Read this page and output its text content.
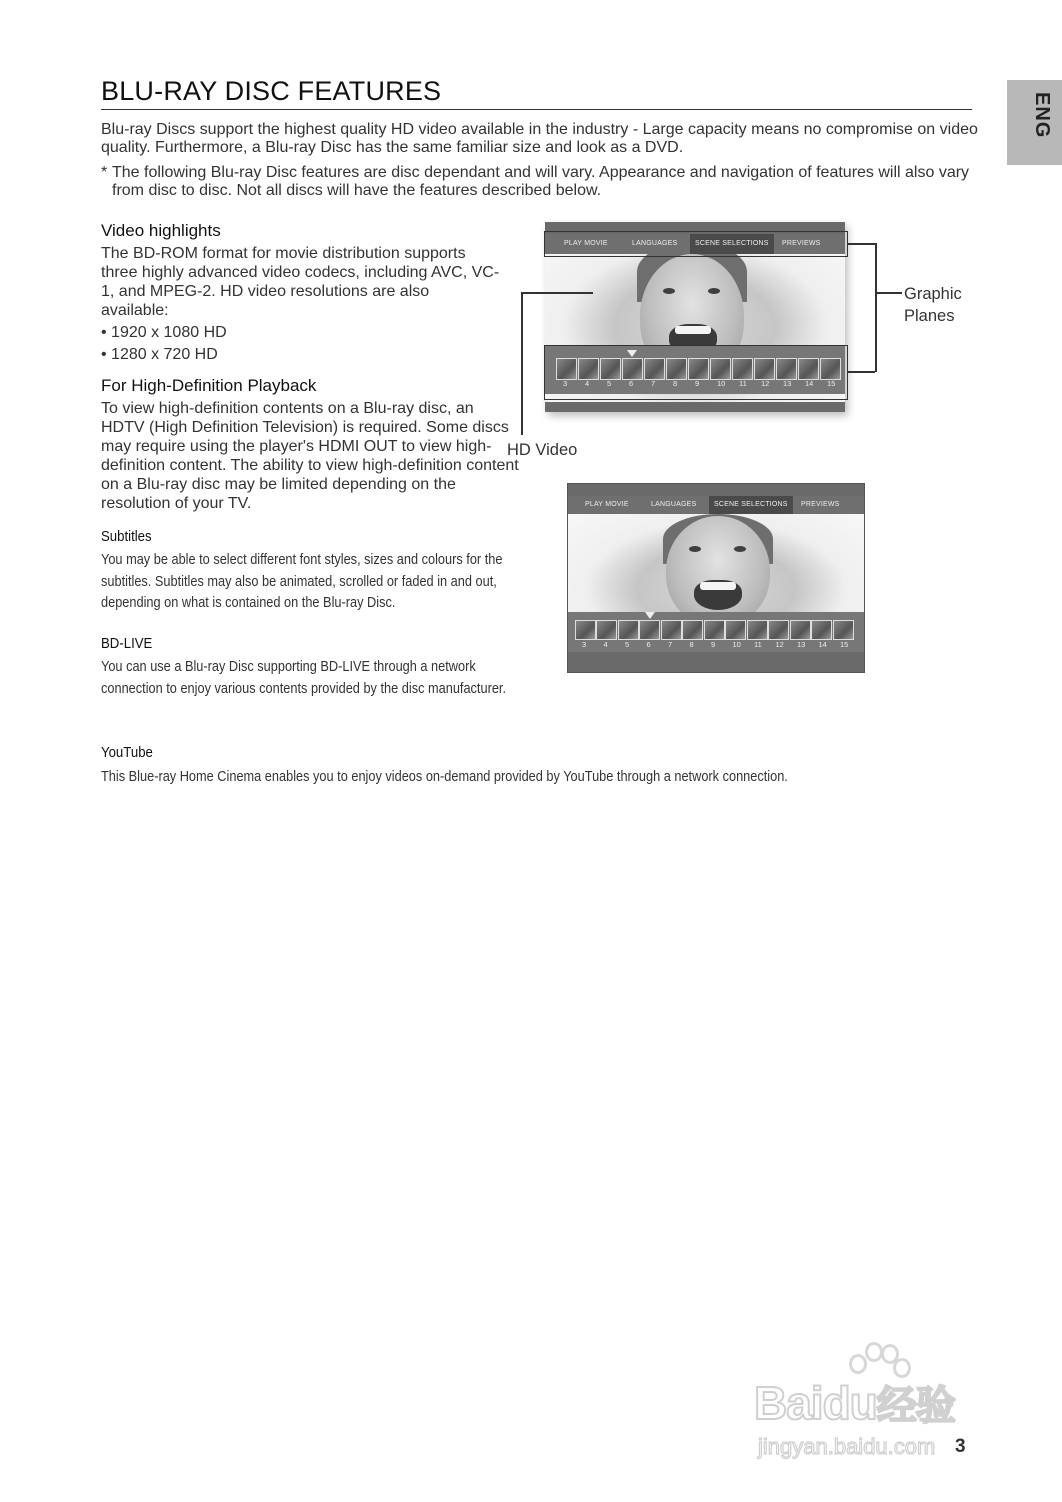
BLU-RAY DISC FEATURES
ENG

Blu-ray Discs support the highest quality HD video available in the industry - Large capacity means no compromise on video quality. Furthermore, a Blu-ray Disc has the same familiar size and look as a DVD.

* The following Blu-ray Disc features are disc dependant and will vary. Appearance and navigation of features will also vary from disc to disc. Not all discs will have the features described below.
Video highlights

The BD-ROM format for movie distribution supports three highly advanced video codecs, including AVC, VC-1, and MPEG-2. HD video resolutions are also available:

• 1920 x 1080 HD
• 1280 x 720 HD
For High-Definition Playback

To view high-definition contents on a Blu-ray disc, an HDTV (High Definition Television) is required. Some discs may require using the player's HDMI OUT to view high-definition content. The ability to view high-definition content on a Blu-ray disc may be limited depending on the resolution of your TV.

Subtitles

You may be able to select different font styles, sizes and colours for the subtitles. Subtitles may also be animated, scrolled or faded in and out, depending on what is contained on the Blu-ray Disc.

BD-LIVE

You can use a Blu-ray Disc supporting BD-LIVE through a network connection to enjoy various contents provided by the disc manufacturer.

YouTube

This Blue-ray Home Cinema enables you to enjoy videos on-demand provided by YouTube through a network connection.

PLAY MOVIE	LANGUAGES	SCENE SELECTIONS	PREVIEWS
3 4 5 6 7 8 9 10 11 12 13 14 15
Graphic
Planes
HD Video
PLAY MOVIE	LANGUAGES	SCENE SELECTIONS	PREVIEWS
3 4 5 6 7 8 9 10 11 12 13 14 15
Baidu经验
jingyan.baidu.com 3
